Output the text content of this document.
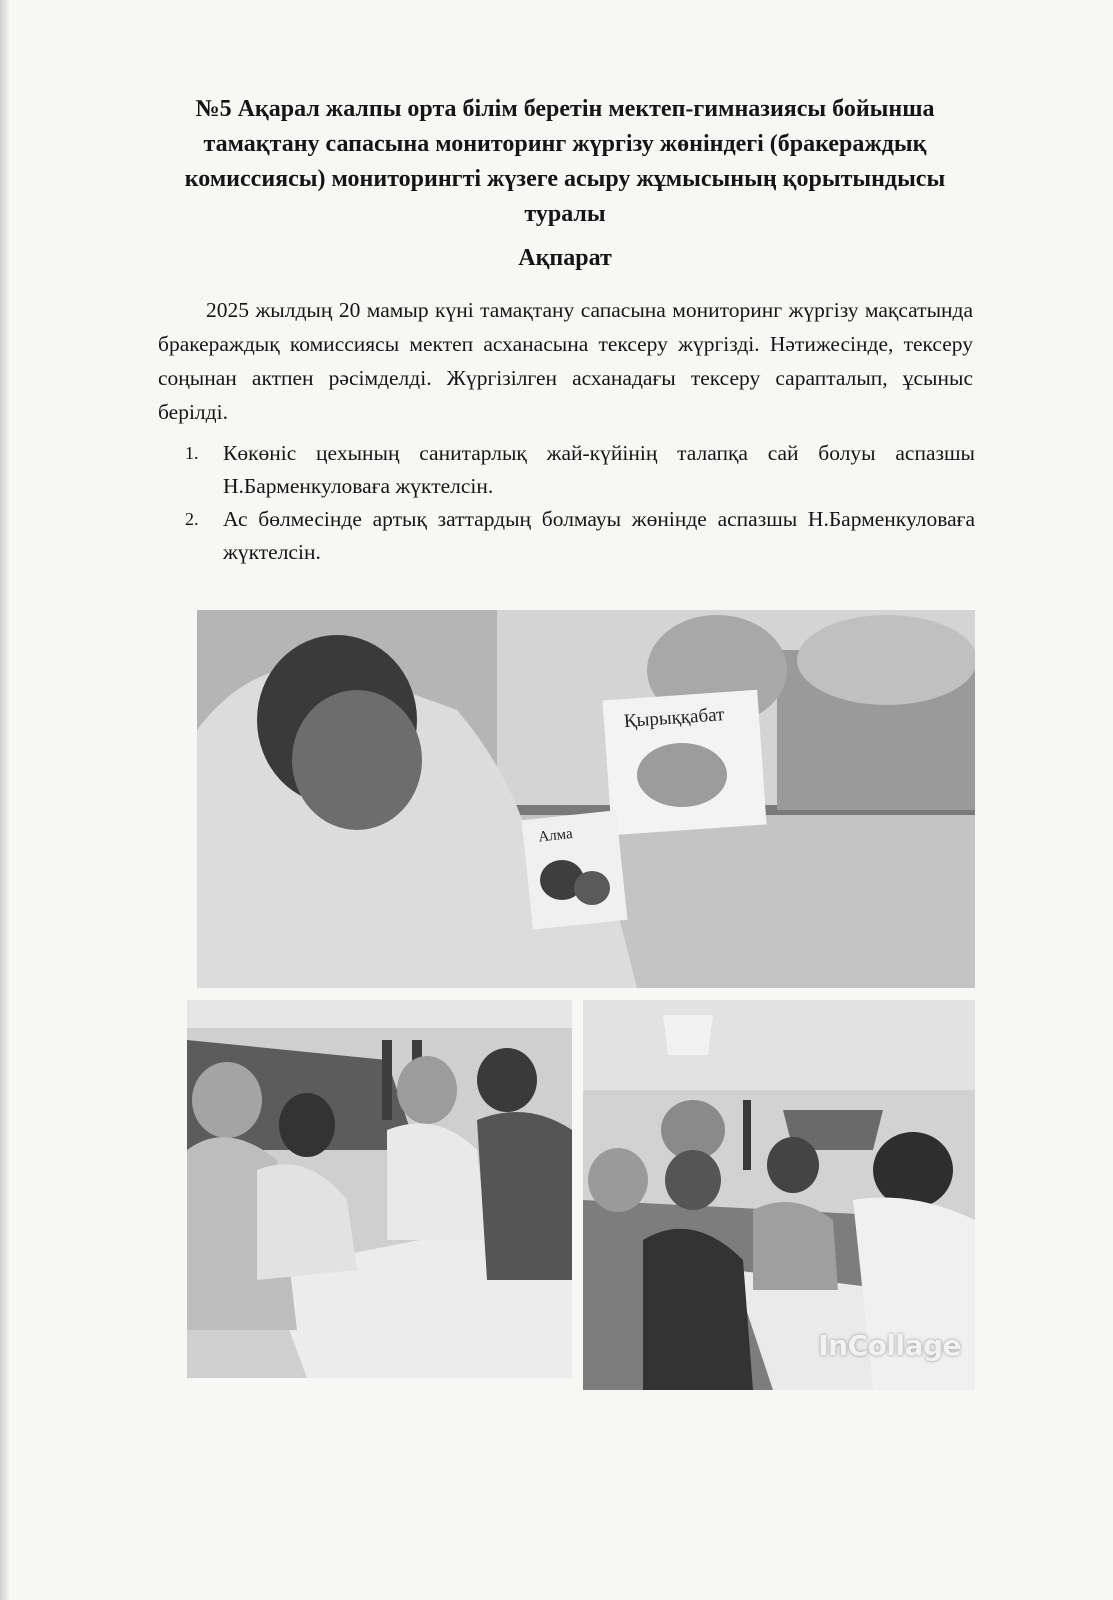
№5 Ақарал жалпы орта білім беретін мектеп-гимназиясы бойынша тамақтану сапасына мониторинг жүргізу жөніндегі (бракераждық комиссиясы) мониторингті жүзеге асыру жұмысының қорытындысы туралы
Ақпарат

2025 жылдың 20 мамыр күні тамақтану сапасына мониторинг жүргізу мақсатында бракераждық комиссиясы мектеп асханасына тексеру жүргізді. Нәтижесінде, тексеру соңынан актпен рәсімделді. Жүргізілген асханадағы тексеру сарапталып, ұсыныс берілді.

1. Көкөніс цехының санитарлық жай-күйінің талапқа сай болуы аспазшы Н.Барменкуловаға жүктелсін.
2. Ас бөлмесінде артық заттардың болмауы жөнінде аспазшы Н.Барменкуловаға жүктелсін.
Қырыққабат
Алма
InCollage
